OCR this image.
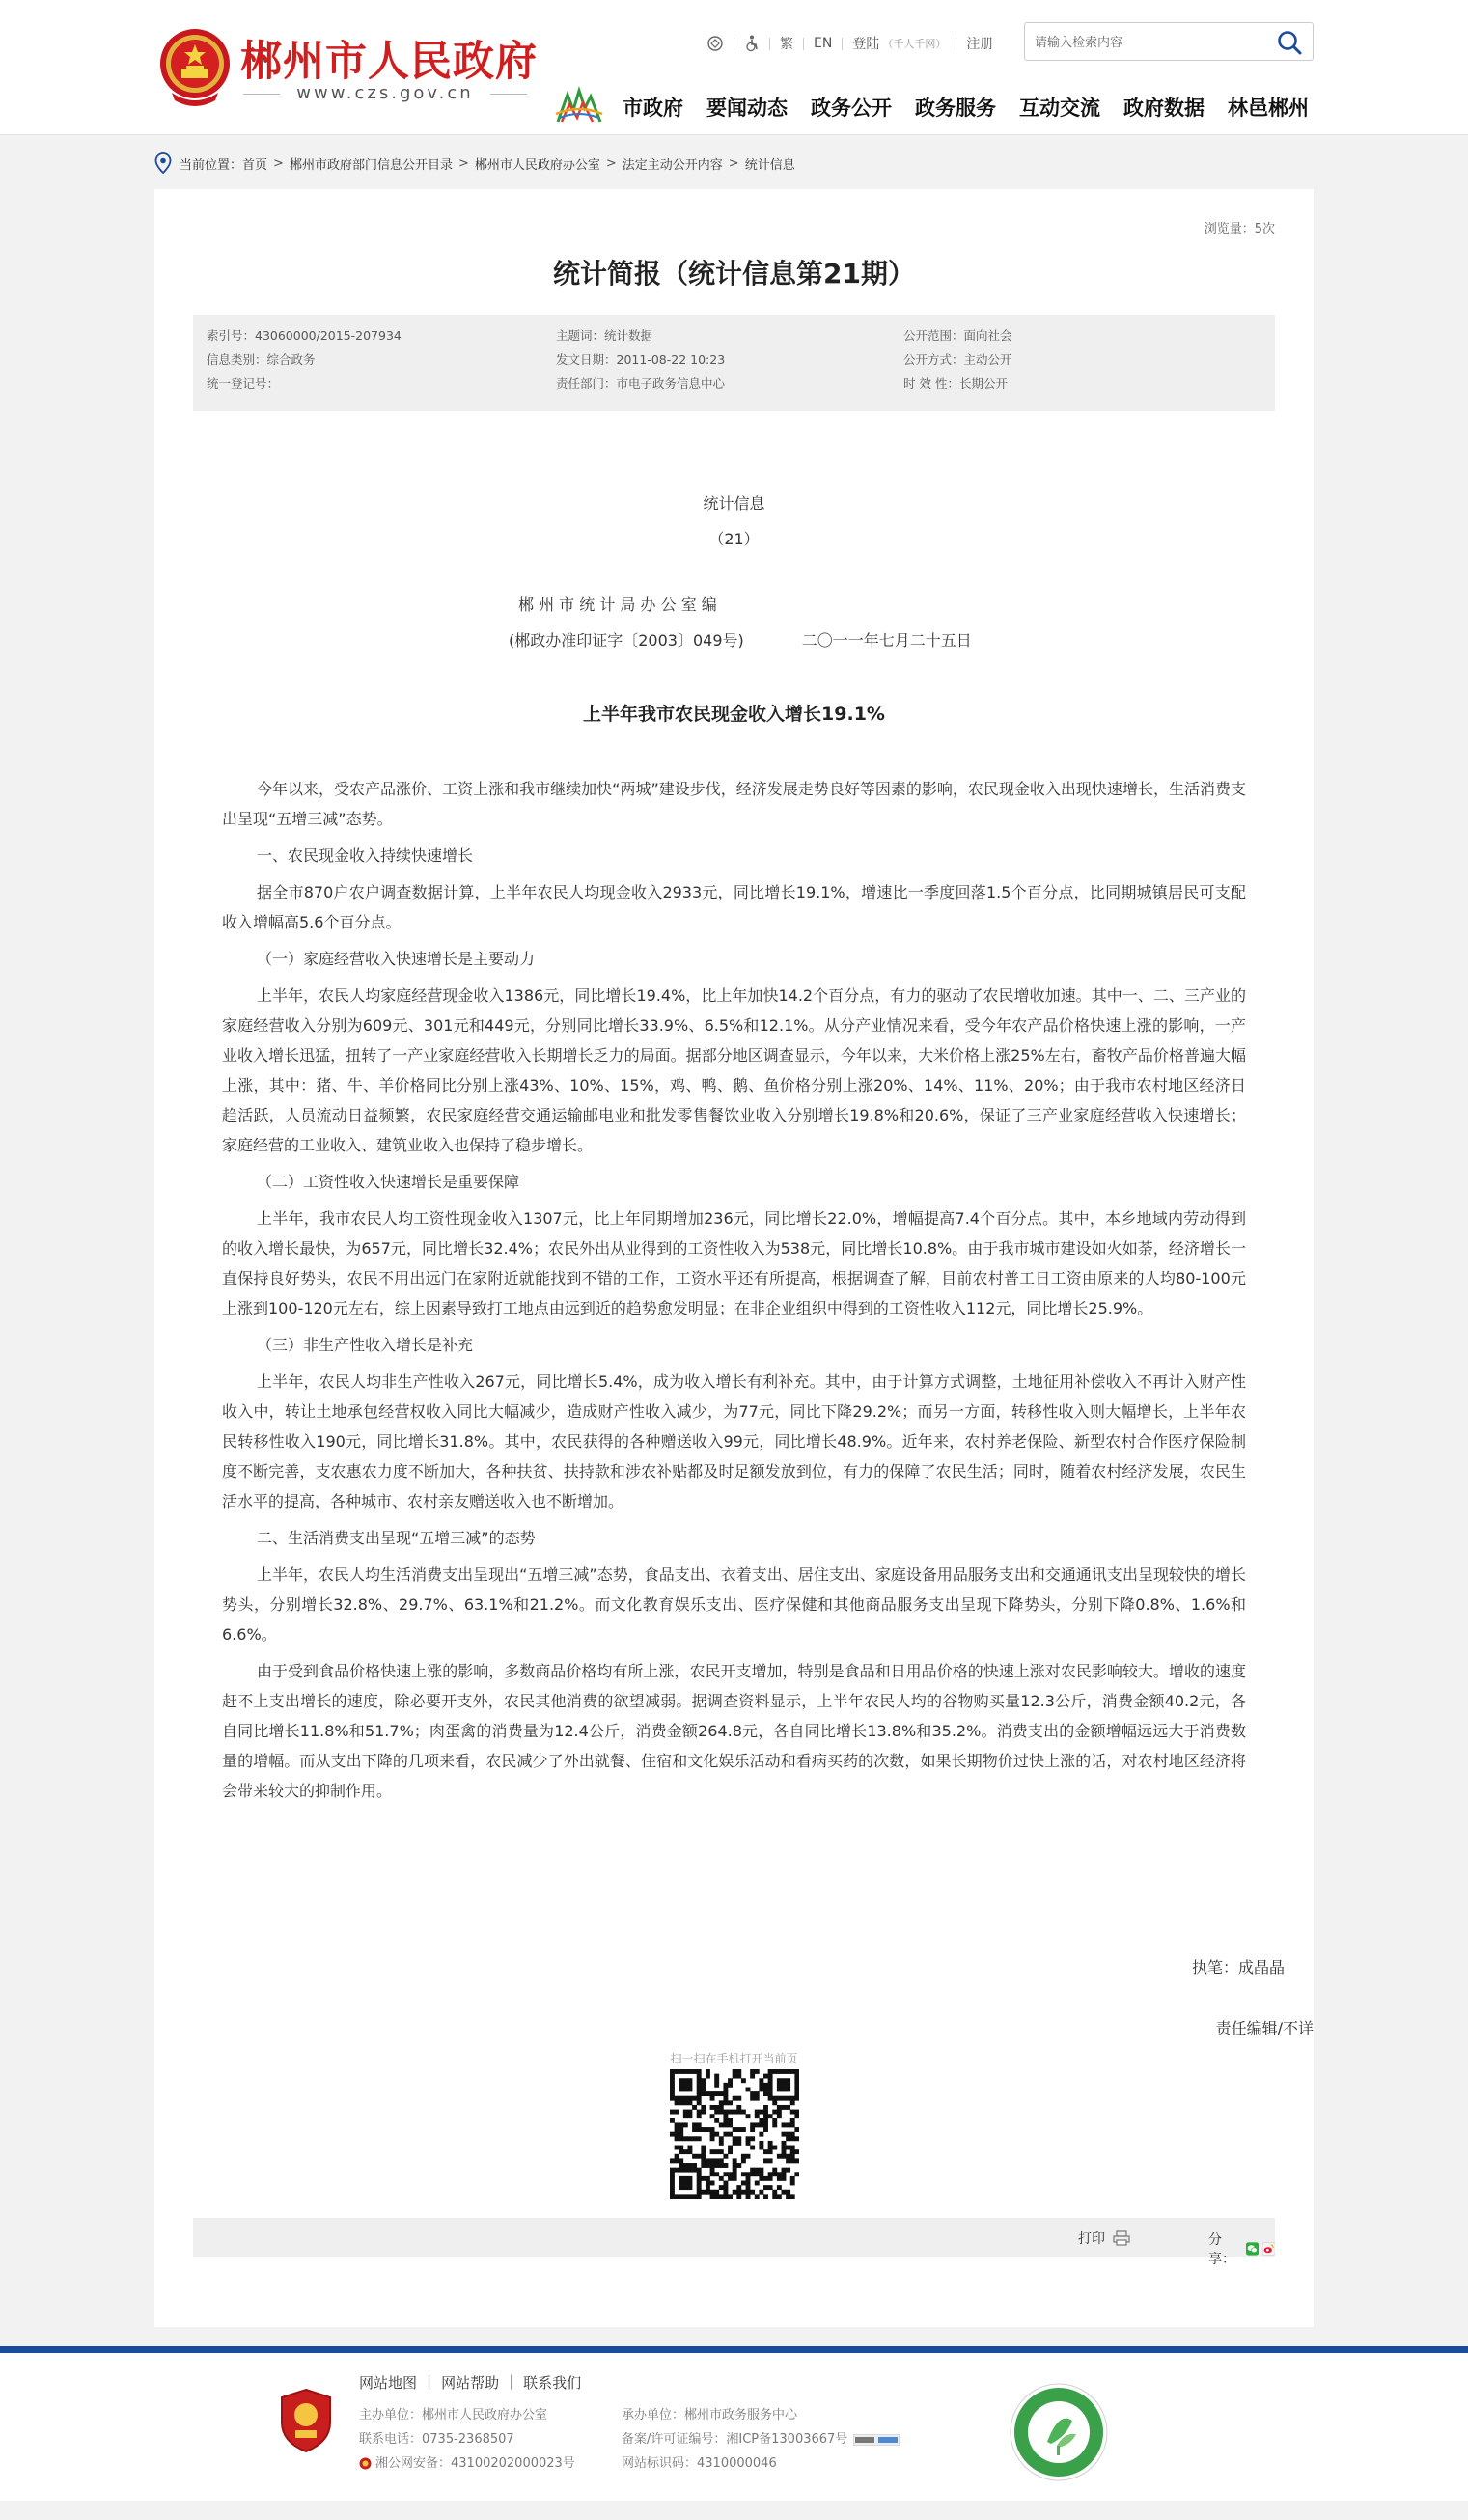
郴州市人民政府
www.czs.gov.cn
繁	EN	登陆 （千人千网）	注册
请输入检索内容
市政府 要闻动态 政务公开 政务服务 互动交流 政府数据 林邑郴州
当前位置： 首页 > 郴州市政府部门信息公开目录 > 郴州市人民政府办公室 > 法定主动公开内容 > 统计信息
浏览量：5次
统计简报（统计信息第21期）
索引号：43060000/2015-207934	主题词：统计数据	公开范围：面向社会
信息类别：综合政务	发文日期：2011-08-22 10:23	公开方式：主动公开
统一登记号：	责任部门：市电子政务信息中心	时 效 性：长期公开
统计信息
（21）
郴 州 市 统 计 局 办 公 室 编
(郴政办准印证字〔2003〕049号)	二〇一一年七月二十五日
上半年我市农民现金收入增长19.1%
今年以来，受农产品涨价、工资上涨和我市继续加快“两城”建设步伐，经济发展走势良好等因素的影响，农民现金收入出现快速增长，生活消费支出呈现“五增三减”态势。
一、农民现金收入持续快速增长
据全市870户农户调查数据计算，上半年农民人均现金收入2933元，同比增长19.1%，增速比一季度回落1.5个百分点，比同期城镇居民可支配收入增幅高5.6个百分点。
（一）家庭经营收入快速增长是主要动力
上半年，农民人均家庭经营现金收入1386元，同比增长19.4%，比上年加快14.2个百分点，有力的驱动了农民增收加速。其中一、二、三产业的家庭经营收入分别为609元、301元和449元，分别同比增长33.9%、6.5%和12.1%。从分产业情况来看，受今年农产品价格快速上涨的影响，一产业收入增长迅猛，扭转了一产业家庭经营收入长期增长乏力的局面。据部分地区调查显示，今年以来，大米价格上涨25%左右，畜牧产品价格普遍大幅上涨，其中：猪、牛、羊价格同比分别上涨43%、10%、15%，鸡、鸭、鹅、鱼价格分别上涨20%、14%、11%、20%；由于我市农村地区经济日趋活跃，人员流动日益频繁，农民家庭经营交通运输邮电业和批发零售餐饮业收入分别增长19.8%和20.6%，保证了三产业家庭经营收入快速增长；家庭经营的工业收入、建筑业收入也保持了稳步增长。
（二）工资性收入快速增长是重要保障
上半年，我市农民人均工资性现金收入1307元，比上年同期增加236元，同比增长22.0%，增幅提高7.4个百分点。其中，本乡地域内劳动得到的收入增长最快，为657元，同比增长32.4%；农民外出从业得到的工资性收入为538元，同比增长10.8%。由于我市城市建设如火如荼，经济增长一直保持良好势头，农民不用出远门在家附近就能找到不错的工作，工资水平还有所提高，根据调查了解，目前农村普工日工资由原来的人均80-100元上涨到100-120元左右，综上因素导致打工地点由远到近的趋势愈发明显；在非企业组织中得到的工资性收入112元，同比增长25.9%。
（三）非生产性收入增长是补充
上半年，农民人均非生产性收入267元，同比增长5.4%，成为收入增长有利补充。其中，由于计算方式调整，土地征用补偿收入不再计入财产性收入中，转让土地承包经营权收入同比大幅减少，造成财产性收入减少，为77元，同比下降29.2%；而另一方面，转移性收入则大幅增长，上半年农民转移性收入190元，同比增长31.8%。其中，农民获得的各种赠送收入99元，同比增长48.9%。近年来，农村养老保险、新型农村合作医疗保险制度不断完善，支农惠农力度不断加大，各种扶贫、扶持款和涉农补贴都及时足额发放到位，有力的保障了农民生活；同时，随着农村经济发展，农民生活水平的提高，各种城市、农村亲友赠送收入也不断增加。
二、生活消费支出呈现“五增三减”的态势
上半年，农民人均生活消费支出呈现出“五增三减”态势，食品支出、衣着支出、居住支出、家庭设备用品服务支出和交通通讯支出呈现较快的增长势头，分别增长32.8%、29.7%、63.1%和21.2%。而文化教育娱乐支出、医疗保健和其他商品服务支出呈现下降势头，分别下降0.8%、1.6%和6.6%。
由于受到食品价格快速上涨的影响，多数商品价格均有所上涨，农民开支增加，特别是食品和日用品价格的快速上涨对农民影响较大。增收的速度赶不上支出增长的速度，除必要开支外，农民其他消费的欲望减弱。据调查资料显示，上半年农民人均的谷物购买量12.3公斤，消费金额40.2元，各自同比增长11.8%和51.7%；肉蛋禽的消费量为12.4公斤，消费金额264.8元，各自同比增长13.8%和35.2%。消费支出的金额增幅远远大于消费数量的增幅。而从支出下降的几项来看，农民减少了外出就餐、住宿和文化娱乐活动和看病买药的次数，如果长期物价过快上涨的话，对农村地区经济将会带来较大的抑制作用。
执笔：成晶晶
责任编辑/不详
扫一扫在手机打开当前页
打印	分享：
网站地图 | 网站帮助 | 联系我们
主办单位：郴州市人民政府办公室	承办单位：郴州市政务服务中心
联系电话：0735-2368507	备案/许可证编号：湘ICP备13003667号
湘公网安备：43100202000023号	网站标识码：4310000046
